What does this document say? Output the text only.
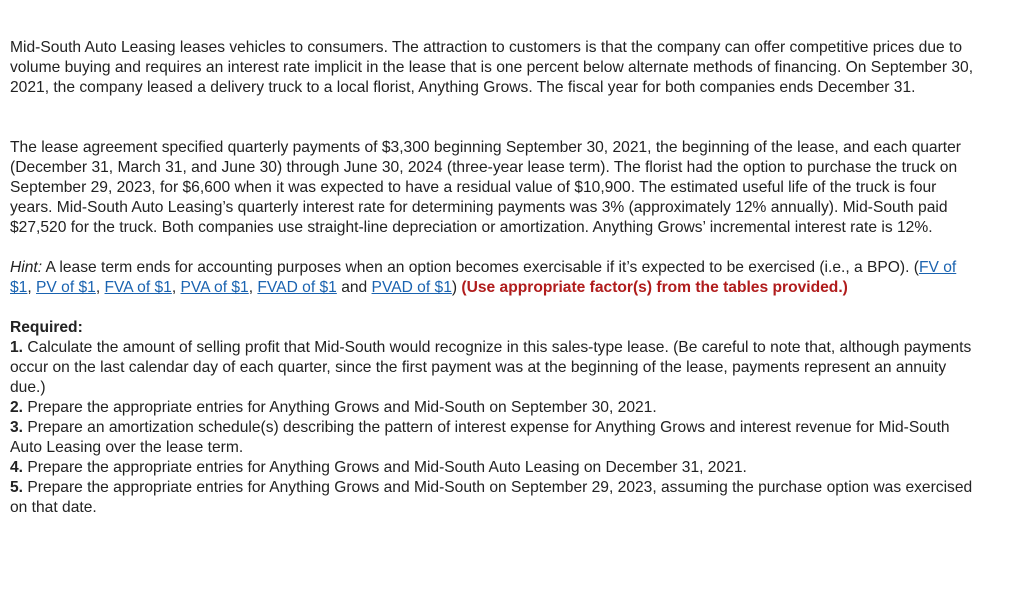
Mid-South Auto Leasing leases vehicles to consumers. The attraction to customers is that the company can offer competitive prices due to volume buying and requires an interest rate implicit in the lease that is one percent below alternate methods of financing. On September 30, 2021, the company leased a delivery truck to a local florist, Anything Grows. The fiscal year for both companies ends December 31.

The lease agreement specified quarterly payments of $3,300 beginning September 30, 2021, the beginning of the lease, and each quarter (December 31, March 31, and June 30) through June 30, 2024 (three-year lease term). The florist had the option to purchase the truck on September 29, 2023, for $6,600 when it was expected to have a residual value of $10,900. The estimated useful life of the truck is four years. Mid-South Auto Leasing’s quarterly interest rate for determining payments was 3% (approximately 12% annually). Mid-South paid $27,520 for the truck. Both companies use straight-line depreciation or amortization. Anything Grows’ incremental interest rate is 12%.

Hint: A lease term ends for accounting purposes when an option becomes exercisable if it’s expected to be exercised (i.e., a BPO). (FV of $1, PV of $1, FVA of $1, PVA of $1, FVAD of $1 and PVAD of $1) (Use appropriate factor(s) from the tables provided.)

Required:
1. Calculate the amount of selling profit that Mid-South would recognize in this sales-type lease. (Be careful to note that, although payments occur on the last calendar day of each quarter, since the first payment was at the beginning of the lease, payments represent an annuity due.)
2. Prepare the appropriate entries for Anything Grows and Mid-South on September 30, 2021.
3. Prepare an amortization schedule(s) describing the pattern of interest expense for Anything Grows and interest revenue for Mid-South Auto Leasing over the lease term.
4. Prepare the appropriate entries for Anything Grows and Mid-South Auto Leasing on December 31, 2021.
5. Prepare the appropriate entries for Anything Grows and Mid-South on September 29, 2023, assuming the purchase option was exercised on that date.
